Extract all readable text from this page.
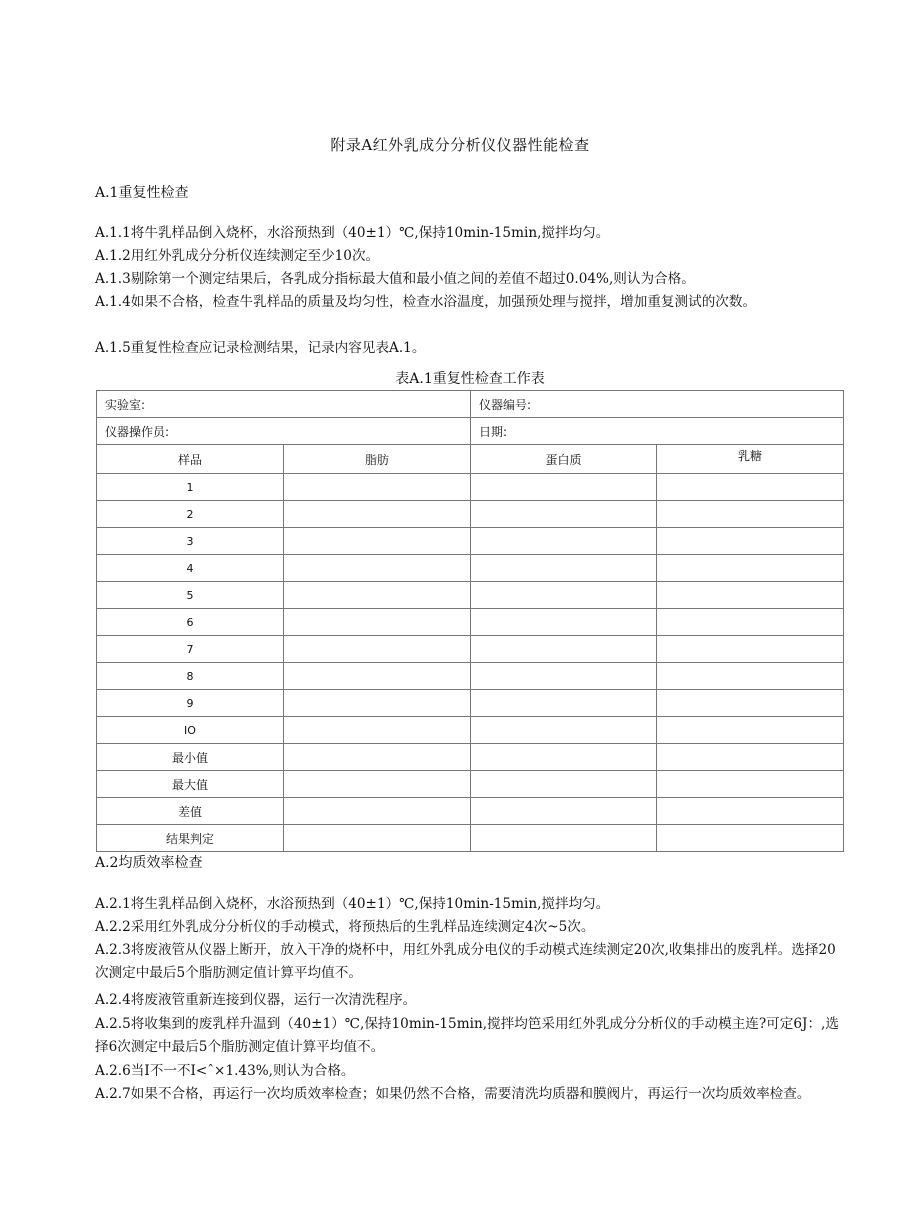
附录A红外乳成分分析仪仪器性能检查
A.1重复性检查
A.1.1将牛乳样品倒入烧杯，水浴预热到（40±1）℃,保持10min-15min,搅拌均匀。
A.1.2用红外乳成分分析仪连续测定至少10次。
A.1.3剔除第一个测定结果后，各乳成分指标最大值和最小值之间的差值不超过0.04%,则认为合格。
A.1.4如果不合格，检查牛乳样品的质量及均匀性，检查水浴温度，加强预处理与搅拌，增加重复测试的次数。
A.1.5重复性检查应记录检测结果，记录内容见表A.1。
表A.1重复性检查工作表
实验室:		仪器编号:	
仪器操作员:		日期:	
样品	脂肪	蛋白质	乳糖
1			
2			
3			
4			
5			
6			
7			
8			
9			
IO			
最小值			
最大值			
差值			
结果判定			
A.2均质效率检查
A.2.1将生乳样品倒入烧杯，水浴预热到（40±1）℃,保持10min-15min,搅拌均匀。
A.2.2采用红外乳成分分析仪的手动模式，将预热后的生乳样品连续测定4次~5次。
A.2.3将废液管从仪器上断开，放入干净的烧杯中，用红外乳成分电仪的手动模式连续测定20次,收集排出的废乳样。选择20次测定中最后5个脂肪测定值计算平均值不。
A.2.4将废液管重新连接到仪器，运行一次清洗程序。
A.2.5将收集到的废乳样升温到（40±1）℃,保持10min-15min,搅拌均笆采用红外乳成分分析仪的手动模主连?可定6J：,选择6次测定中最后5个脂肪测定值计算平均值不。
A.2.6当I不一不I<ˆ×1.43%,则认为合格。
A.2.7如果不合格，再运行一次均质效率检查；如果仍然不合格，需要清洗均质器和膜阀片，再运行一次均质效率检查。
